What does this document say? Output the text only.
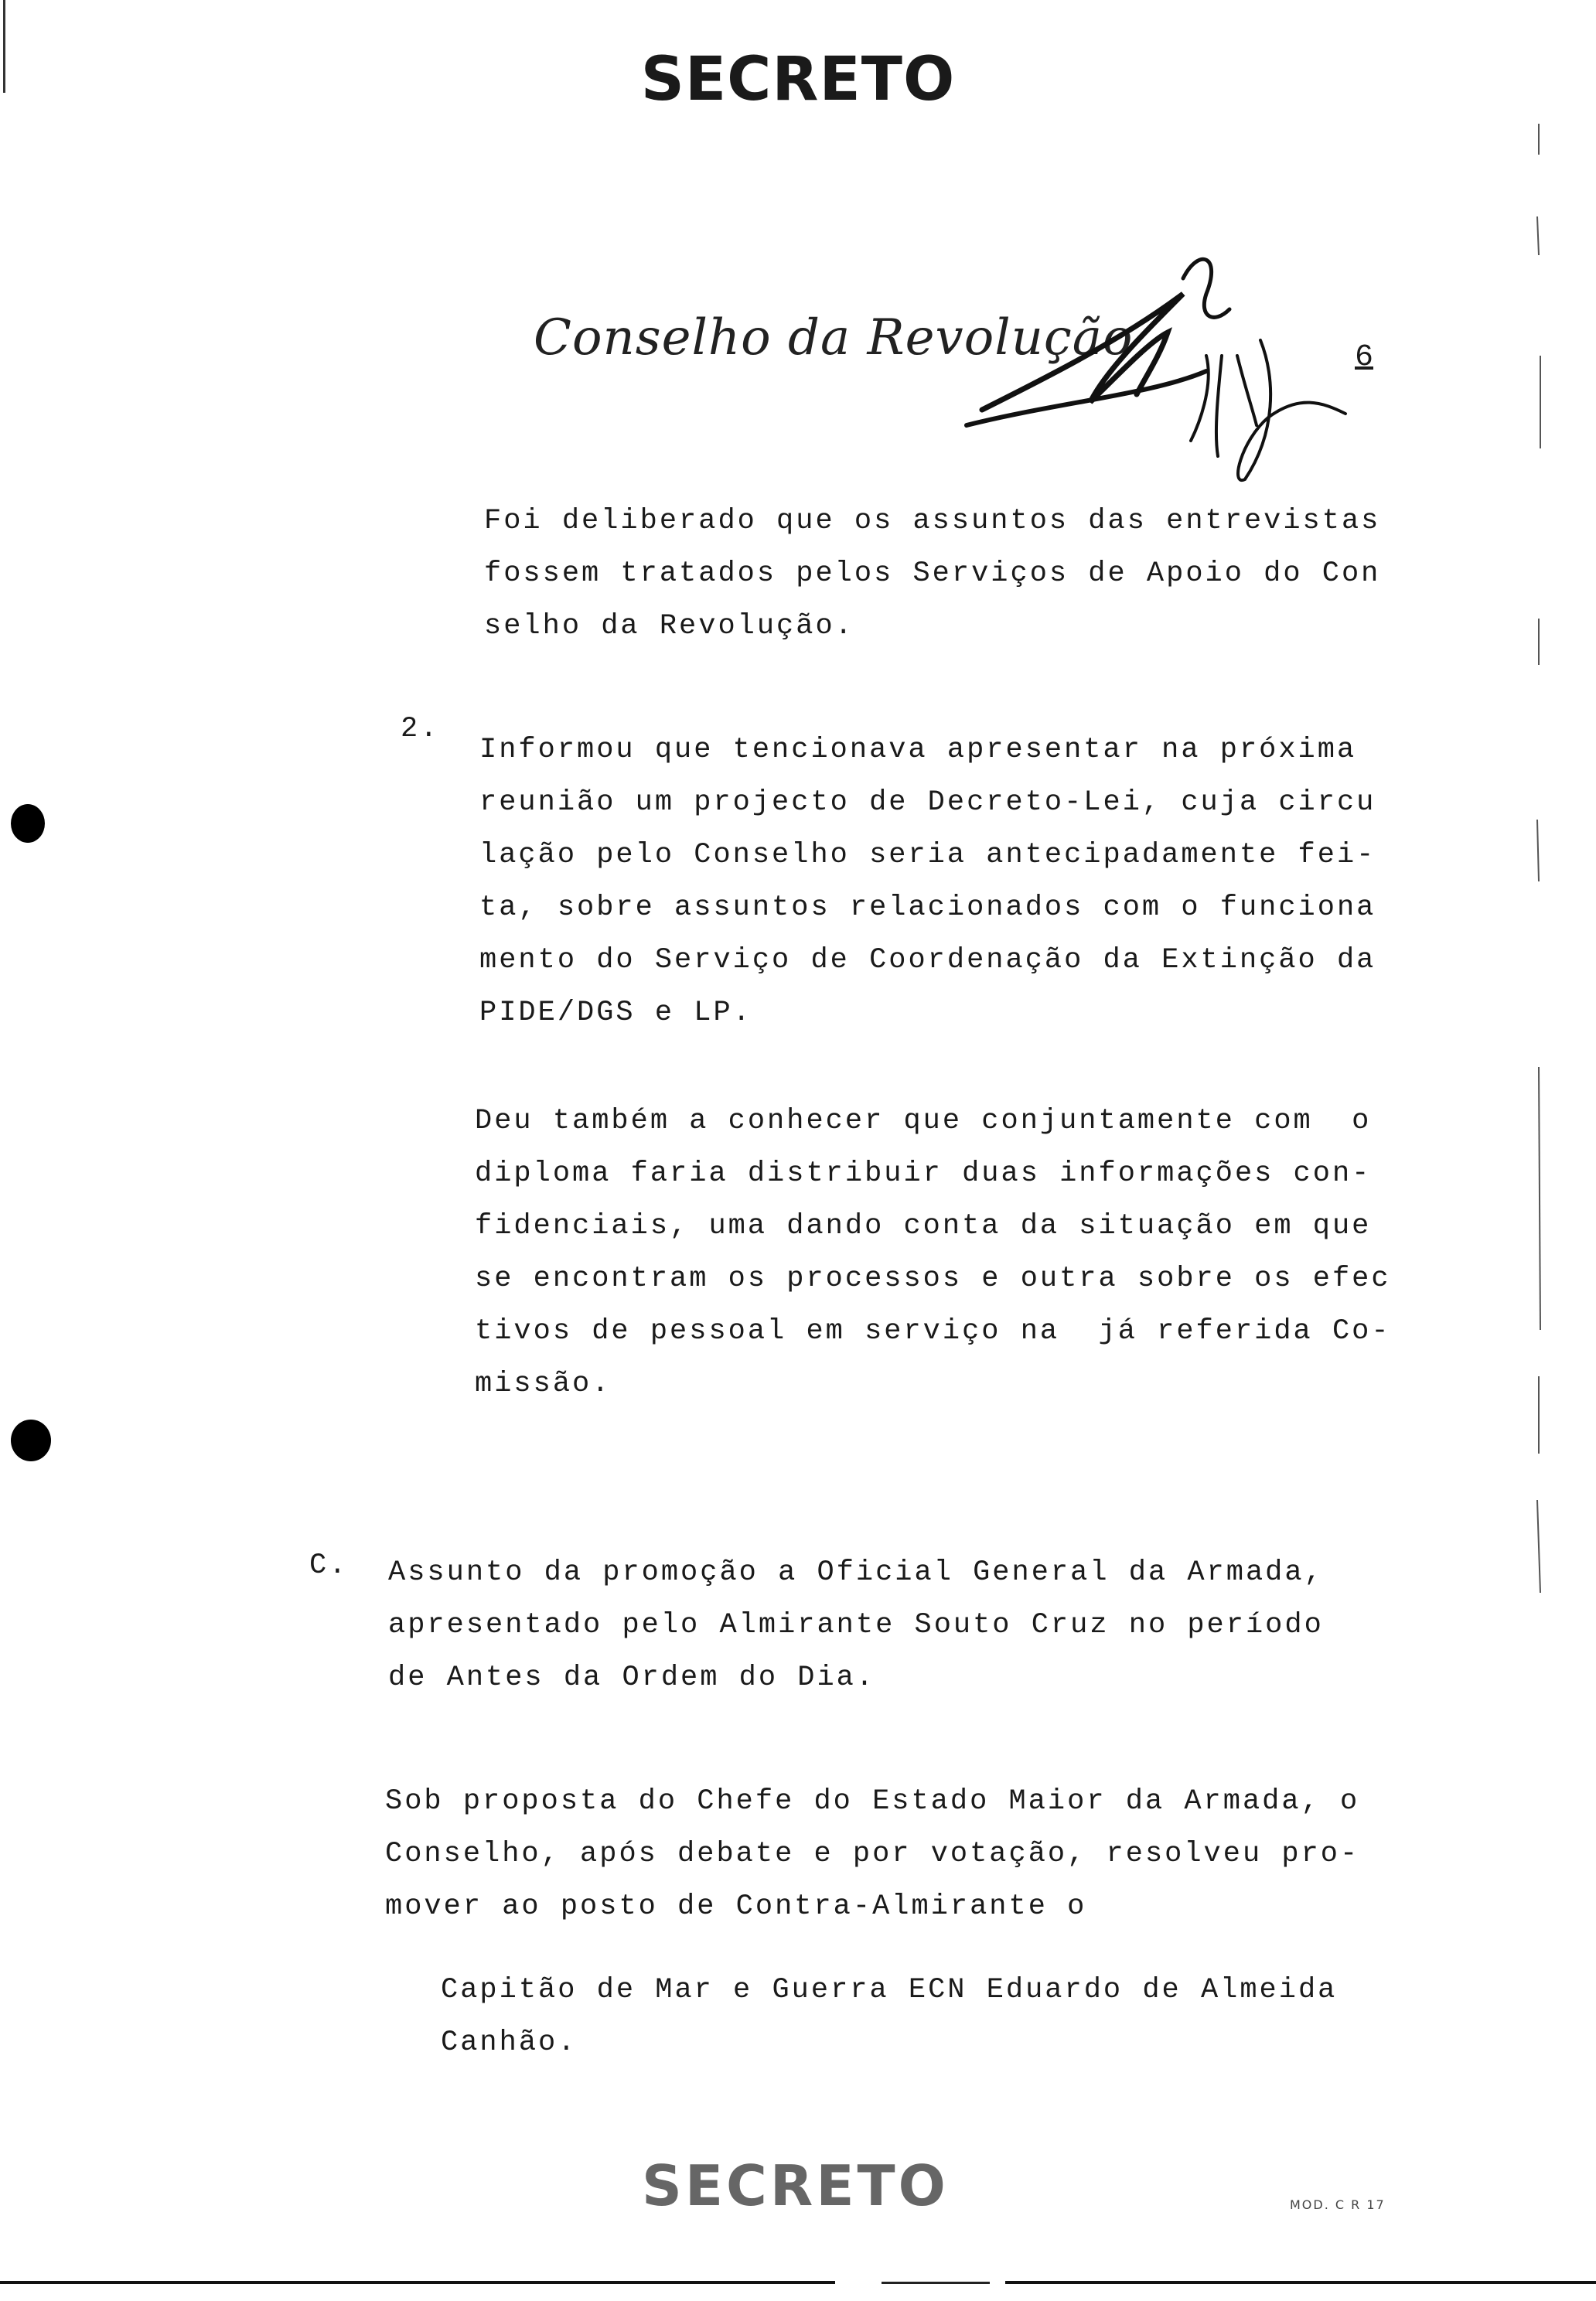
SECRETO
Conselho da Revolução	6
Foi deliberado que os assuntos das entrevistas
fossem tratados pelos Serviços de Apoio do Con
selho da Revolução.
2.
Informou que tencionava apresentar na próxima
reunião um projecto de Decreto-Lei, cuja circu
lação pelo Conselho seria antecipadamente fei-
ta, sobre assuntos relacionados com o funciona
mento do Serviço de Coordenação da Extinção da
PIDE/DGS e LP.
Deu também a conhecer que conjuntamente com  o
diploma faria distribuir duas informações con-
fidenciais, uma dando conta da situação em que
se encontram os processos e outra sobre os efec
tivos de pessoal em serviço na  já referida Co-
missão.
C. Assunto da promoção a Oficial General da Armada,
apresentado pelo Almirante Souto Cruz no período
de Antes da Ordem do Dia.
Sob proposta do Chefe do Estado Maior da Armada, o
Conselho, após debate e por votação, resolveu pro-
mover ao posto de Contra-Almirante o
Capitão de Mar e Guerra ECN Eduardo de Almeida
Canhão.
SECRETO	MOD. C R 17
